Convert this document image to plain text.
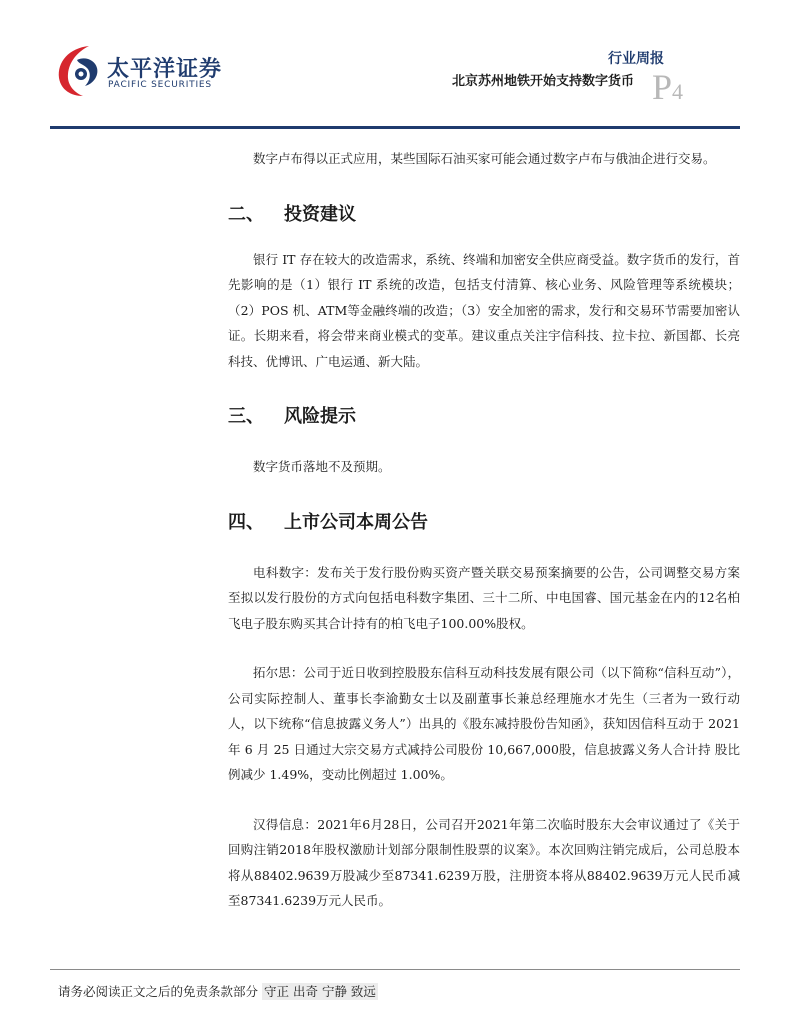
太平洋证券
PACIFIC SECURITIES
行业周报
北京苏州地铁开始支持数字货币 P4

数字卢布得以正式应用，某些国际石油买家可能会通过数字卢布与俄油企进行交易。

二、 投资建议

银行 IT 存在较大的改造需求，系统、终端和加密安全供应商受益。数字货币的发行，首先影响的是（1）银行 IT 系统的改造，包括支付清算、核心业务、风险管理等系统模块；（2）POS 机、ATM等金融终端的改造；（3）安全加密的需求，发行和交易环节需要加密认证。长期来看，将会带来商业模式的变革。建议重点关注宇信科技、拉卡拉、新国都、长亮科技、优博讯、广电运通、新大陆。

三、 风险提示

数字货币落地不及预期。

四、 上市公司本周公告

电科数字：发布关于发行股份购买资产暨关联交易预案摘要的公告，公司调整交易方案至拟以发行股份的方式向包括电科数字集团、三十二所、中电国睿、国元基金在内的12名柏飞电子股东购买其合计持有的柏飞电子100.00%股权。

拓尔思：公司于近日收到控股股东信科互动科技发展有限公司（以下简称“信科互动”），公司实际控制人、董事长李渝勤女士以及副董事长兼总经理施水才先生（三者为一致行动人，以下统称“信息披露义务人”）出具的《股东减持股份告知函》，获知因信科互动于 2021 年 6 月 25 日通过大宗交易方式减持公司股份 10,667,000股，信息披露义务人合计持 股比例减少 1.49%，变动比例超过 1.00%。

汉得信息：2021年6月28日，公司召开2021年第二次临时股东大会审议通过了《关于回购注销2018年股权激励计划部分限制性股票的议案》。本次回购注销完成后，公司总股本将从88402.9639万股减少至87341.6239万股，注册资本将从88402.9639万元人民币减至87341.6239万元人民币。

请务必阅读正文之后的免责条款部分 守正 出奇 宁静 致远
